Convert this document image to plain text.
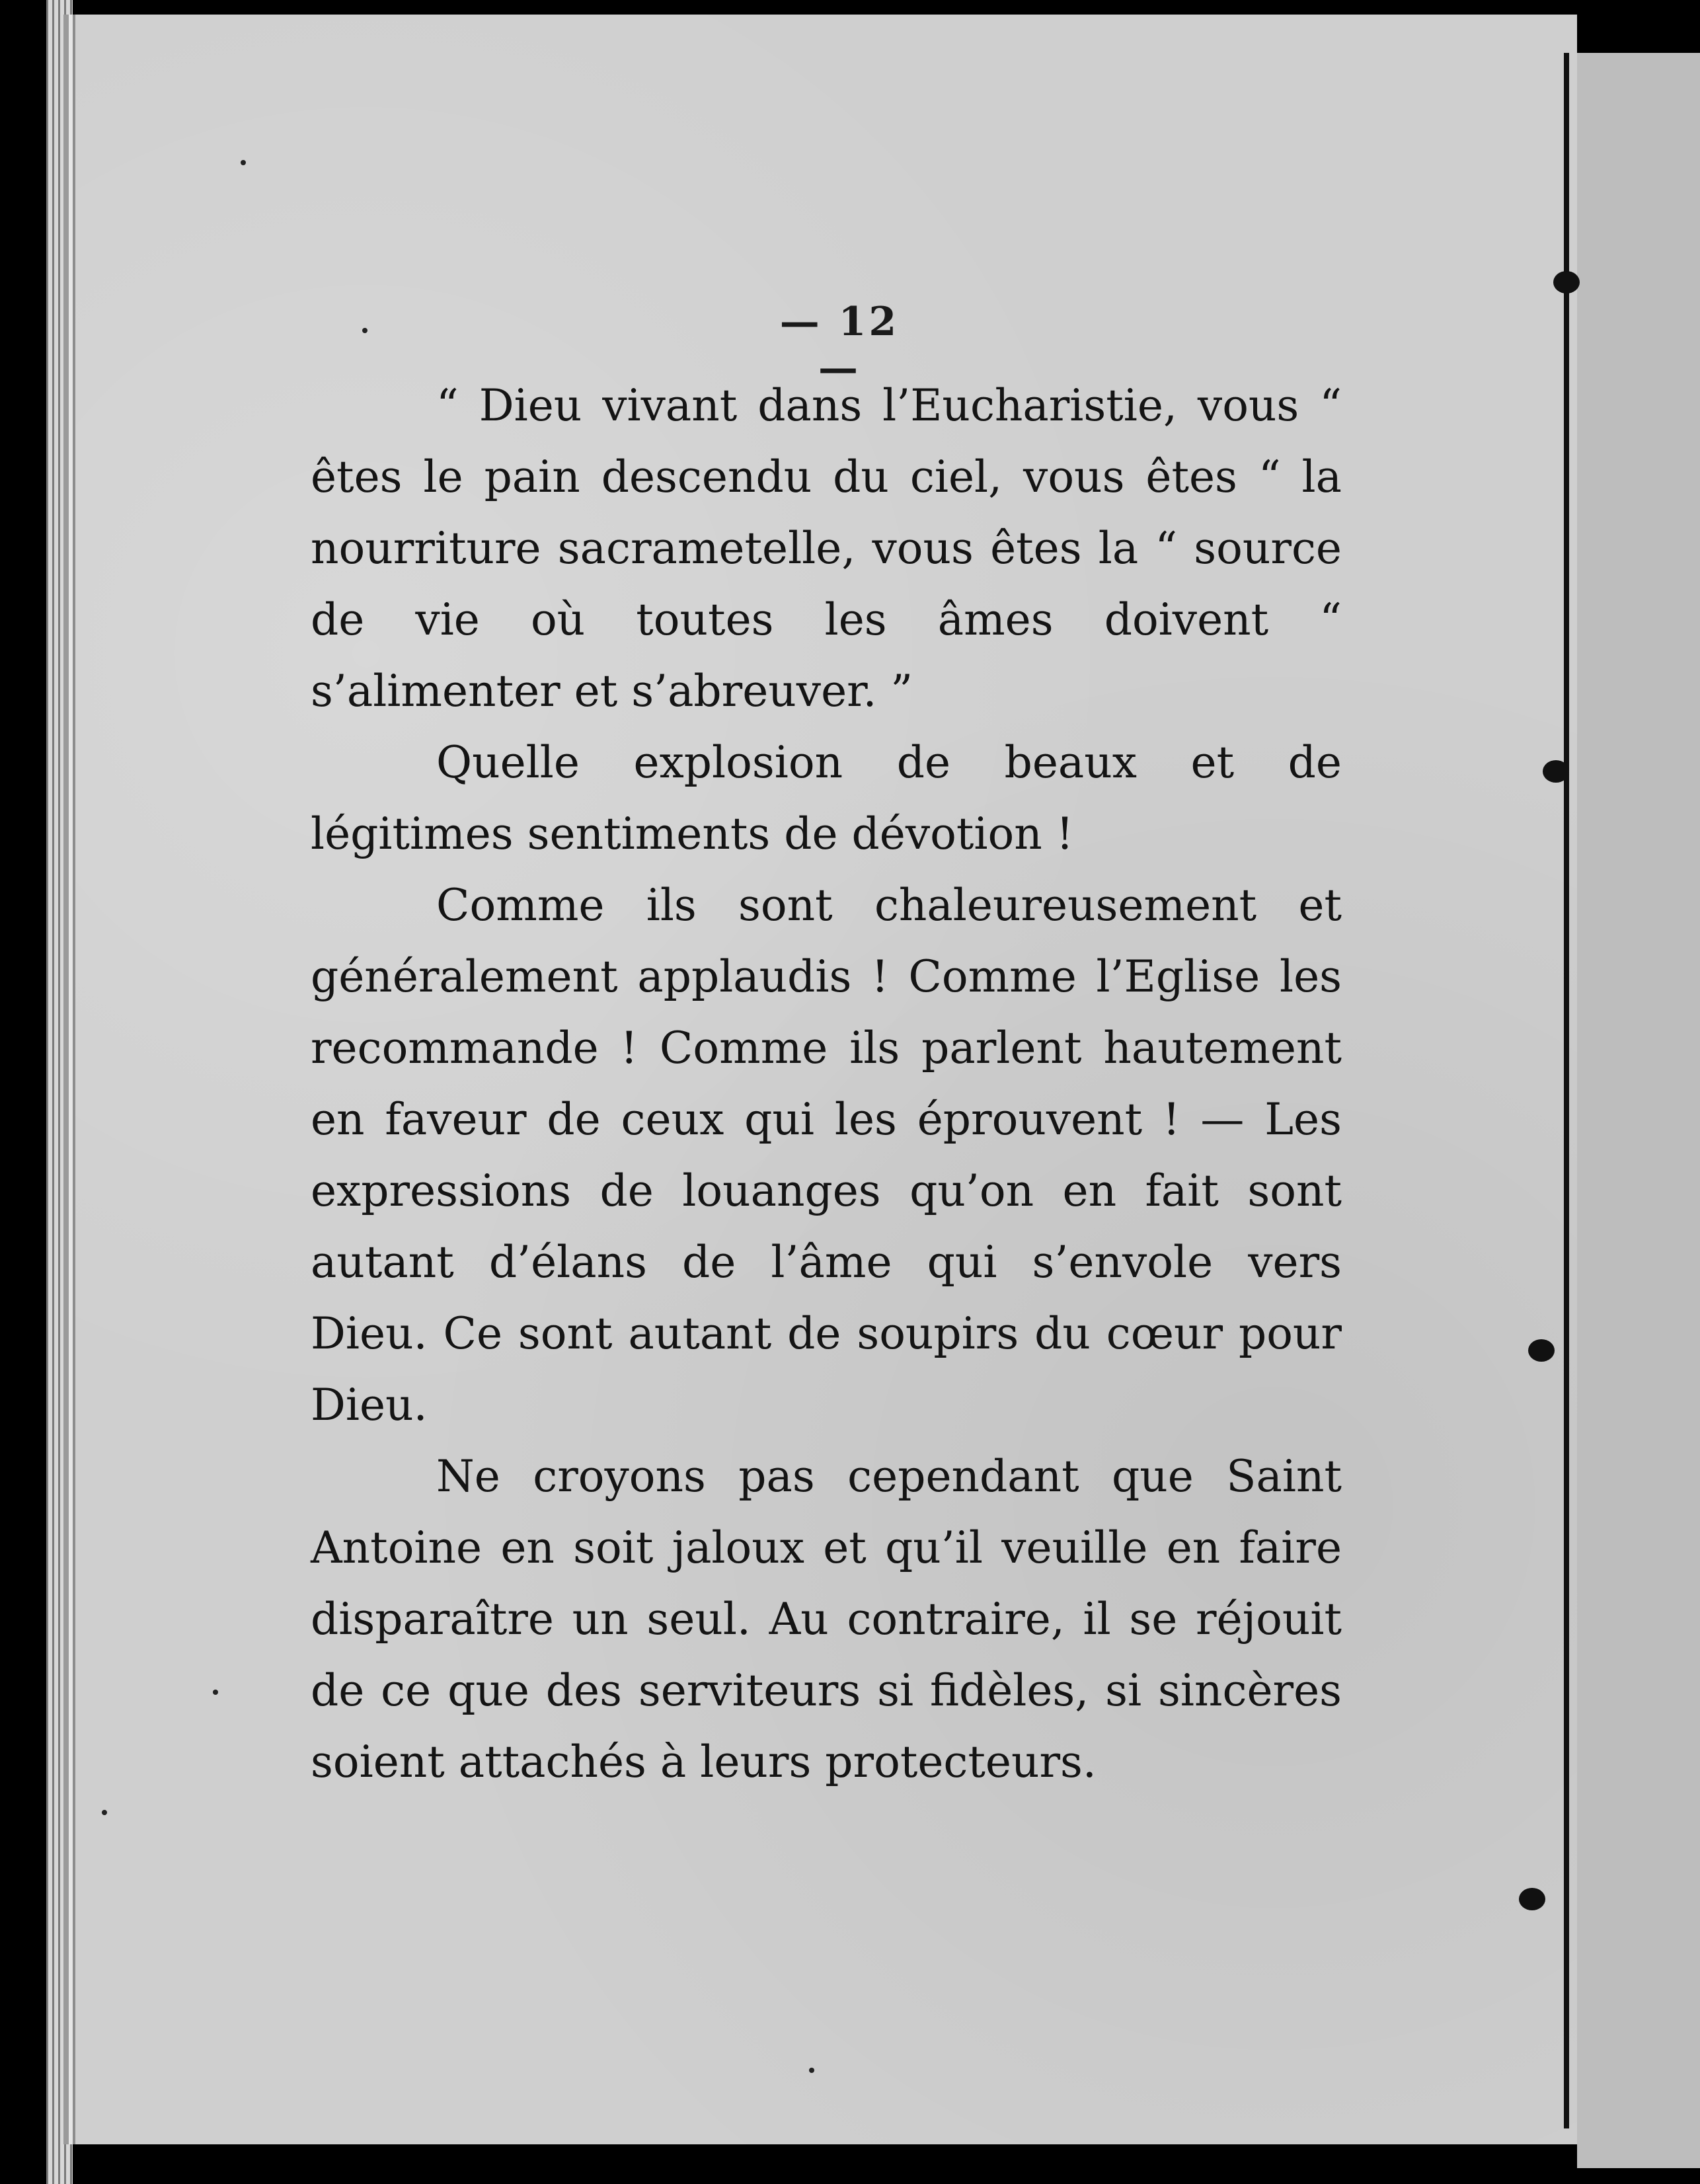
— 12 —

“ Dieu vivant dans l’Eucharistie, vous “ êtes le pain descendu du ciel, vous êtes “ la nourriture sacrametelle, vous êtes la “ source de vie où toutes les âmes doivent “ s’alimenter et s’abreuver. ”

Quelle explosion de beaux et de légitimes sentiments de dévotion !

Comme ils sont chaleureusement et généralement applaudis ! Comme l’Eglise les recommande ! Comme ils parlent hautement en faveur de ceux qui les éprouvent ! — Les expressions de louanges qu’on en fait sont autant d’élans de l’âme qui s’envole vers Dieu. Ce sont autant de soupirs du cœur pour Dieu.

Ne croyons pas cependant que Saint Antoine en soit jaloux et qu’il veuille en faire disparaître un seul. Au contraire, il se réjouit de ce que des serviteurs si fidèles, si sincères soient attachés à leurs protecteurs.
